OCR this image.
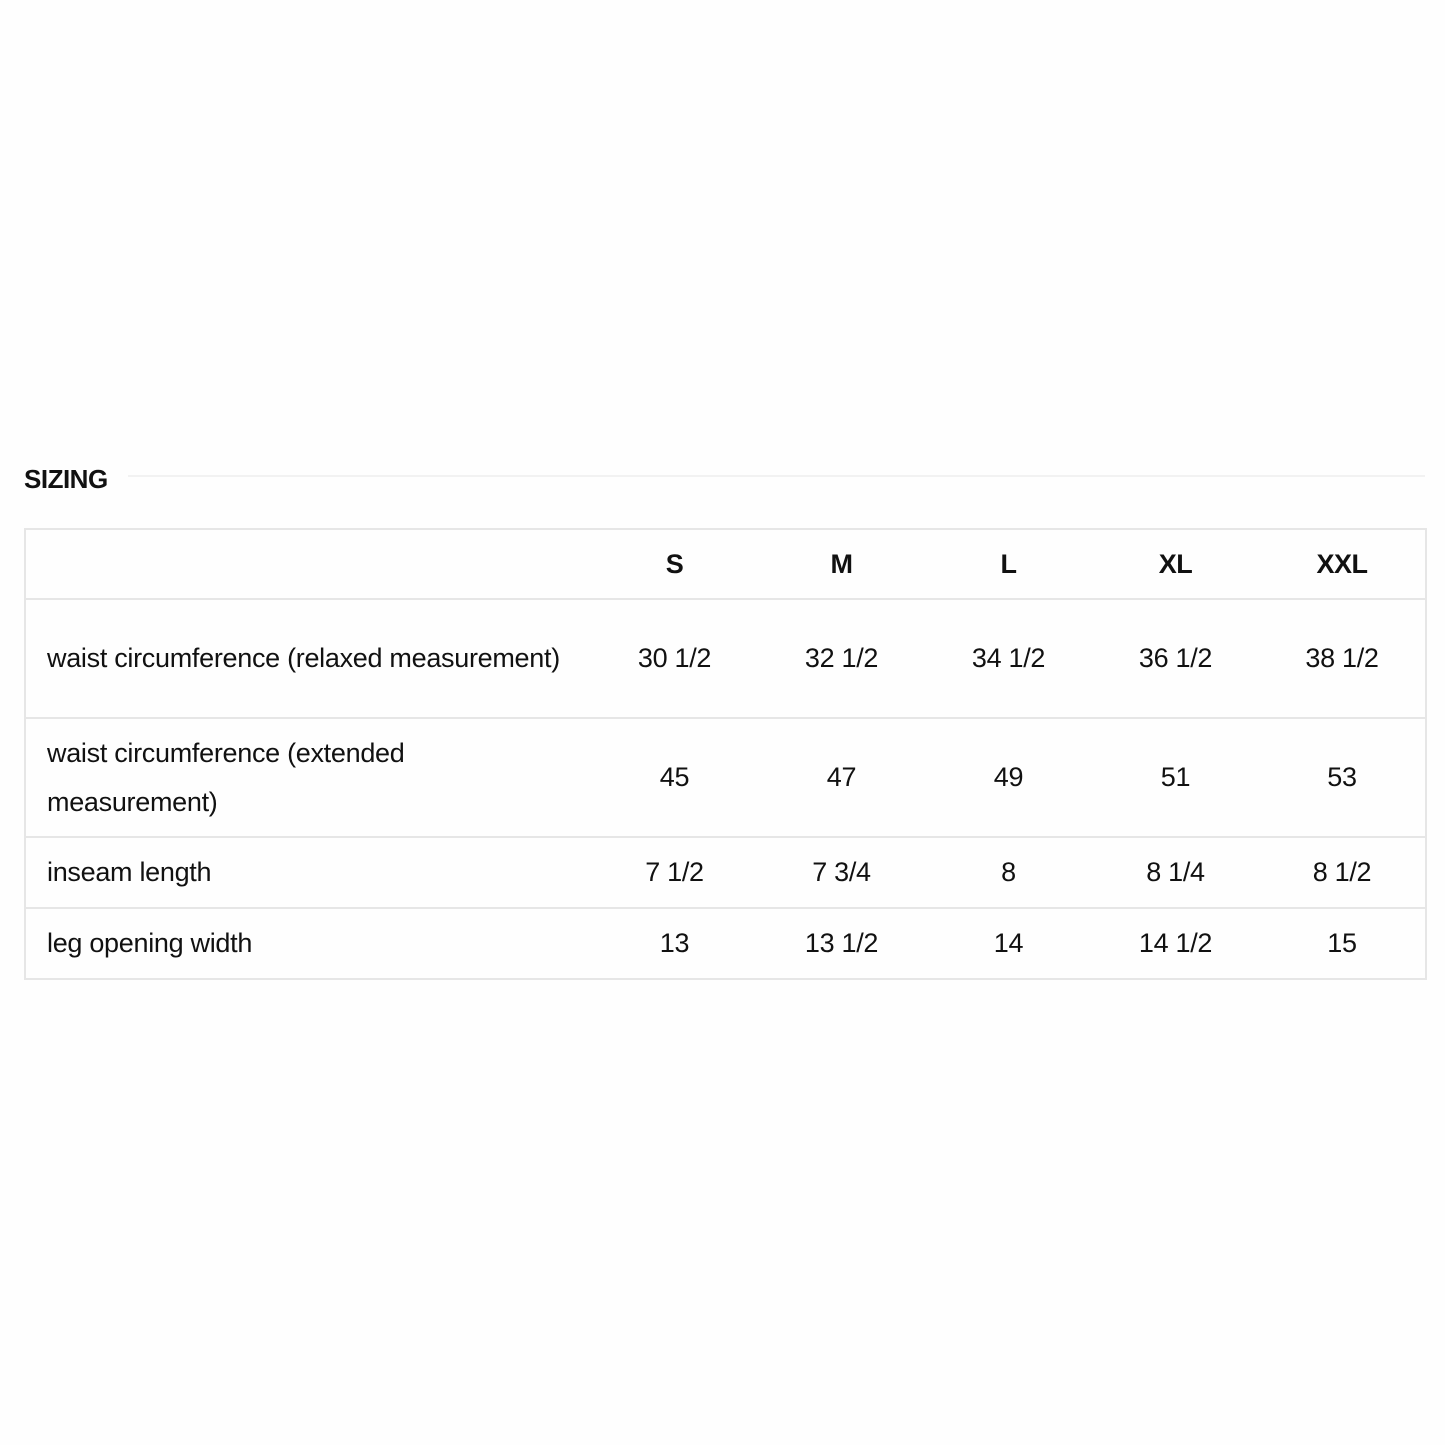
SIZING
	S	M	L	XL	XXL
waist circumference (relaxed measurement)	30 1/2	32 1/2	34 1/2	36 1/2	38 1/2
waist circumference (extended measurement)	45	47	49	51	53
inseam length	7 1/2	7 3/4	8	8 1/4	8 1/2
leg opening width	13	13 1/2	14	14 1/2	15
